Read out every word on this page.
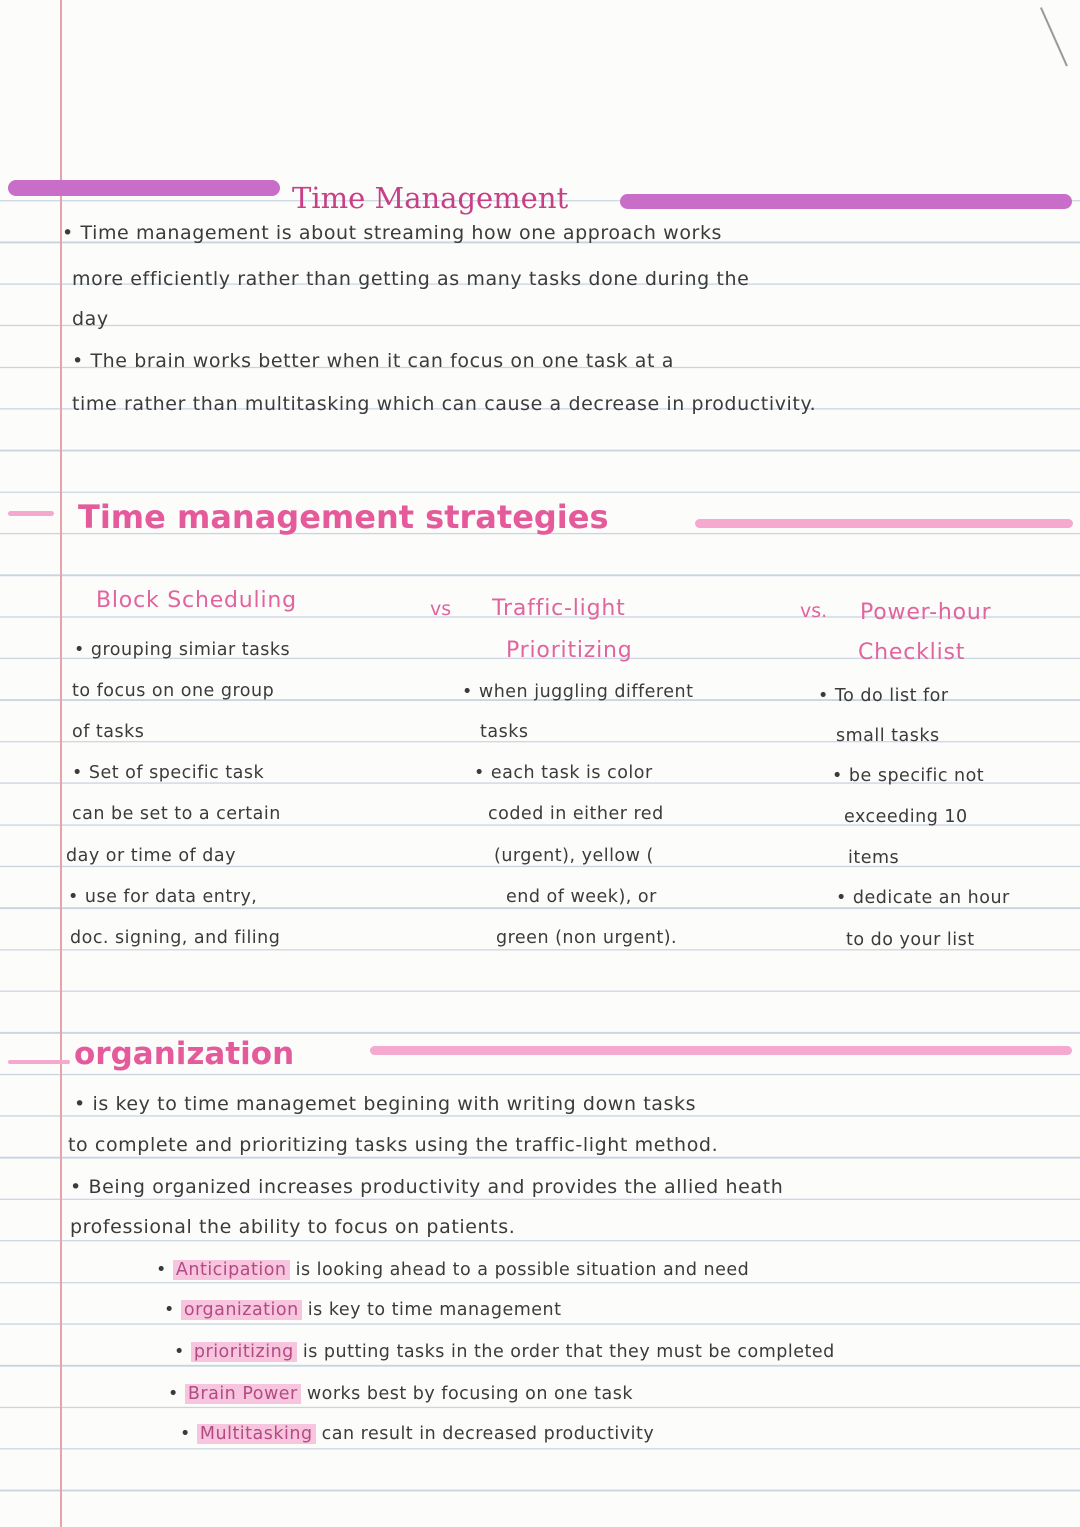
Time Management
• Time management is about streaming how one approach works
more efficiently rather than getting as many tasks done during the
day
• The brain works better when it can focus on one task at a
time rather than multitasking which can cause a decrease in productivity.
Time management strategies
Block Scheduling	vs Traffic-light
Prioritizing
vs. Power-hour
Checklist
• grouping simiar tasks
to focus on one group
of tasks
• Set of specific task
can be set to a certain
day or time of day
• use for data entry,
doc. signing, and filing
• when juggling different
tasks
• each task is color
coded in either red
(urgent), yellow (
end of week), or
green (non urgent).
• To do list for
small tasks
• be specific not
exceeding 10
items
• dedicate an hour
to do your list
organization
• is key to time managemet begining with writing down tasks
to complete and prioritizing tasks using the traffic-light method.
• Being organized increases productivity and provides the allied heath
professional the ability to focus on patients.
• Anticipation is looking ahead to a possible situation and need
• organization is key to time management
• prioritizing is putting tasks in the order that they must be completed
• Brain Power works best by focusing on one task
• Multitasking can result in decreased productivity
